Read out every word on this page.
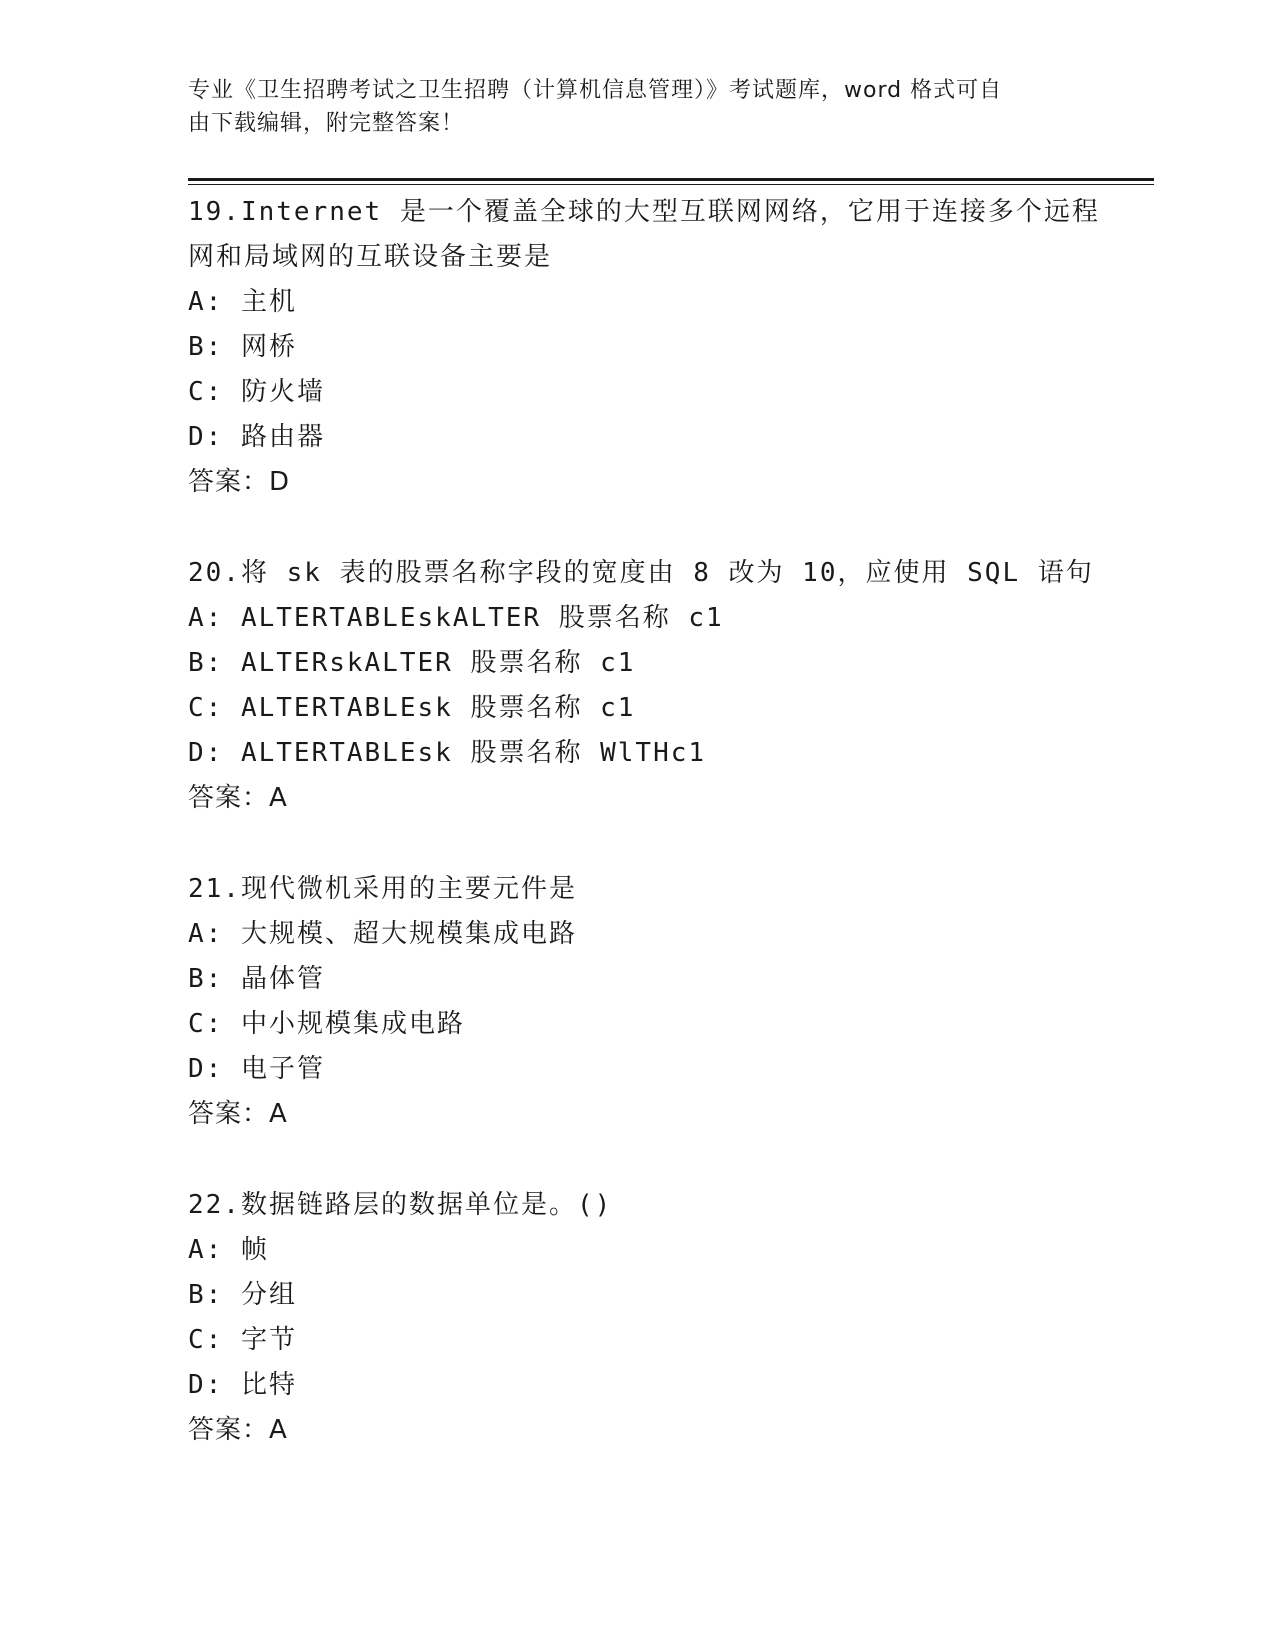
专业《卫生招聘考试之卫生招聘（计算机信息管理）》考试题库，word 格式可自
由下载编辑，附完整答案！
19.Internet 是一个覆盖全球的大型互联网网络，它用于连接多个远程
网和局域网的互联设备主要是
A: 主机
B: 网桥
C: 防火墙
D: 路由器
答案：D
20.将 sk 表的股票名称字段的宽度由 8 改为 10，应使用 SQL 语句
A: ALTERTABLEskALTER 股票名称 c1
B: ALTERskALTER 股票名称 c1
C: ALTERTABLEsk 股票名称 c1
D: ALTERTABLEsk 股票名称 WlTHc1
答案：A
21.现代微机采用的主要元件是
A: 大规模、超大规模集成电路
B: 晶体管
C: 中小规模集成电路
D: 电子管
答案：A
22.数据链路层的数据单位是。()
A: 帧
B: 分组
C: 字节
D: 比特
答案：A
